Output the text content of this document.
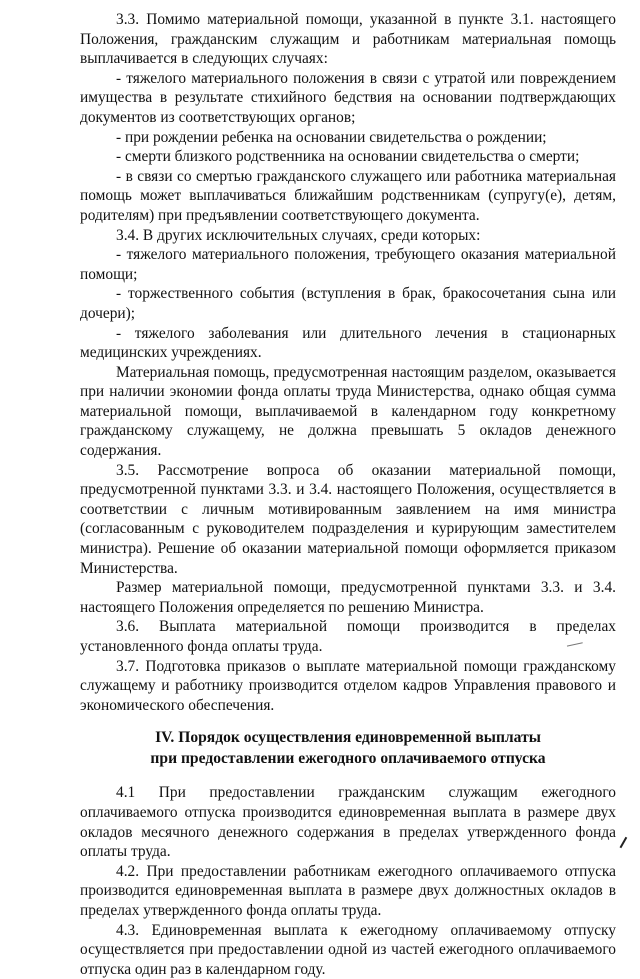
3.3. Помимо материальной помощи, указанной в пункте 3.1. настоящего Положения, гражданским служащим и работникам материальная помощь выплачивается в следующих случаях:

- тяжелого материального положения в связи с утратой или повреждением имущества в результате стихийного бедствия на основании подтверждающих документов из соответствующих органов;

- при рождении ребенка на основании свидетельства о рождении;

- смерти близкого родственника на основании свидетельства о смерти;

- в связи со смертью гражданского служащего или работника материальная помощь может выплачиваться ближайшим родственникам (супругу(е), детям, родителям) при предъявлении соответствующего документа.

3.4. В других исключительных случаях, среди которых:

- тяжелого материального положения, требующего оказания материальной помощи;

- торжественного события (вступления в брак, бракосочетания сына или дочери);

- тяжелого заболевания или длительного лечения в стационарных медицинских учреждениях.

Материальная помощь, предусмотренная настоящим разделом, оказывается при наличии экономии фонда оплаты труда Министерства, однако общая сумма материальной помощи, выплачиваемой в календарном году конкретному гражданскому служащему, не должна превышать 5 окладов денежного содержания.

3.5. Рассмотрение вопроса об оказании материальной помощи, предусмотренной пунктами 3.3. и 3.4. настоящего Положения, осуществляется в соответствии с личным мотивированным заявлением на имя министра (согласованным с руководителем подразделения и курирующим заместителем министра). Решение об оказании материальной помощи оформляется приказом Министерства.

Размер материальной помощи, предусмотренной пунктами 3.3. и 3.4. настоящего Положения определяется по решению Министра.

3.6. Выплата материальной помощи производится в пределах установленного фонда оплаты труда.

3.7. Подготовка приказов о выплате материальной помощи гражданскому служащему и работнику производится отделом кадров Управления правового и экономического обеспечения.

IV. Порядок осуществления единовременной выплаты
при предоставлении ежегодного оплачиваемого отпуска

4.1 При предоставлении гражданским служащим ежегодного оплачиваемого отпуска производится единовременная выплата в размере двух окладов месячного денежного содержания в пределах утвержденного фонда оплаты труда.

4.2. При предоставлении работникам ежегодного оплачиваемого отпуска производится единовременная выплата в размере двух должностных окладов в пределах утвержденного фонда оплаты труда.

4.3. Единовременная выплата к ежегодному оплачиваемому отпуску осуществляется при предоставлении одной из частей ежегодного оплачиваемого отпуска один раз в календарном году.
